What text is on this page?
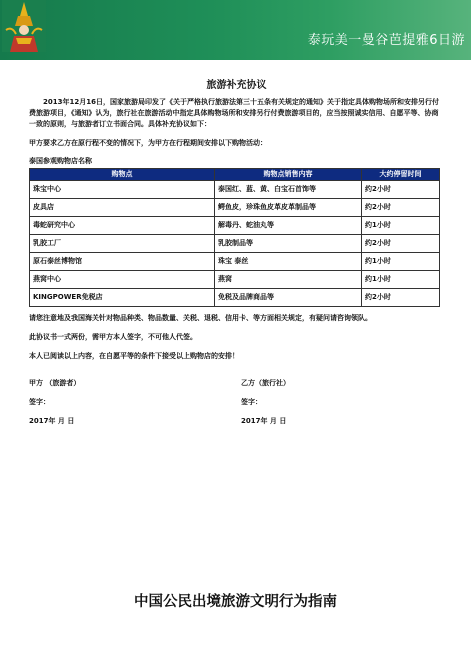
泰玩美一曼谷芭提雅6日游
旅游补充协议

2013年12月16日，国家旅游局印发了《关于严格执行旅游法第三十五条有关规定的通知》关于指定具体购物场所和安排另行付费旅游项目，《通知》认为，旅行社在旅游活动中指定具体购物场所和安排另行付费旅游项目的，应当按照诚实信用、自愿平等、协商一致的原则，与旅游者订立书面合同。具体补充协议如下：

甲方要求乙方在原行程不变的情况下，为甲方在行程期间安排以下购物活动：

泰国参观购物店名称
购物点	购物点销售内容	大约停留时间
珠宝中心	泰国红、蓝、黄、白宝石首饰等	约2小时
皮具店	鳄鱼皮，珍珠鱼皮革皮革制品等	约2小时
毒蛇研究中心	解毒丹、蛇油丸等	约1小时
乳胶工厂	乳胶制品等	约2小时
原石泰丝博物馆	珠宝 泰丝	约1小时
燕窝中心	燕窝	约1小时
KINGPOWER免税店	免税及品牌商品等	约2小时

请您注意地及我国海关针对物品种类、物品数量、关税、退税、信用卡、等方面相关规定，有疑问请咨询领队。

此协议书一式两份，需甲方本人签字，不可他人代签。

本人已阅读以上内容，在自愿平等的条件下接受以上购物店的安排！

甲方 （旅游者）	乙方（旅行社）
签字：	签字：
2017年 月 日	2017年 月 日
中国公民出境旅游文明行为指南
